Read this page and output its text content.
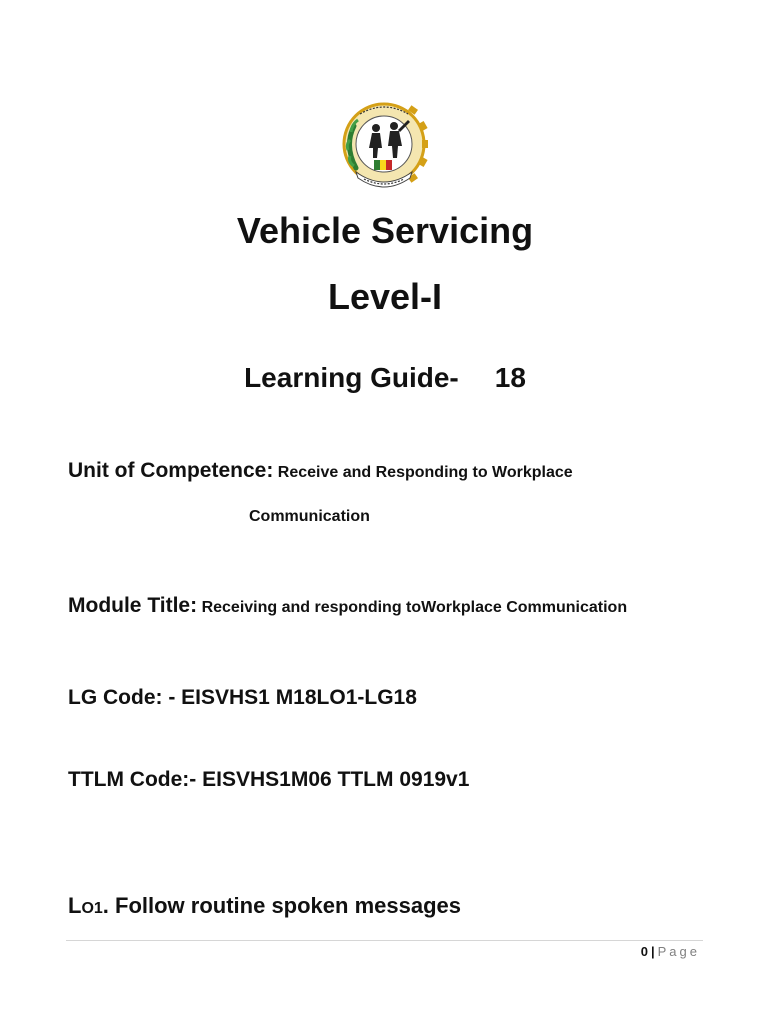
Vehicle Servicing
Level-I
Learning Guide- 18
Unit of Competence: Receive and Responding to Workplace
Communication
Module Title: Receiving and responding toWorkplace Communication
LG Code: - EISVHS1 M18LO1-LG18
TTLM Code:- EISVHS1M06 TTLM 0919v1
LO1. Follow routine spoken messages
0 | Page
